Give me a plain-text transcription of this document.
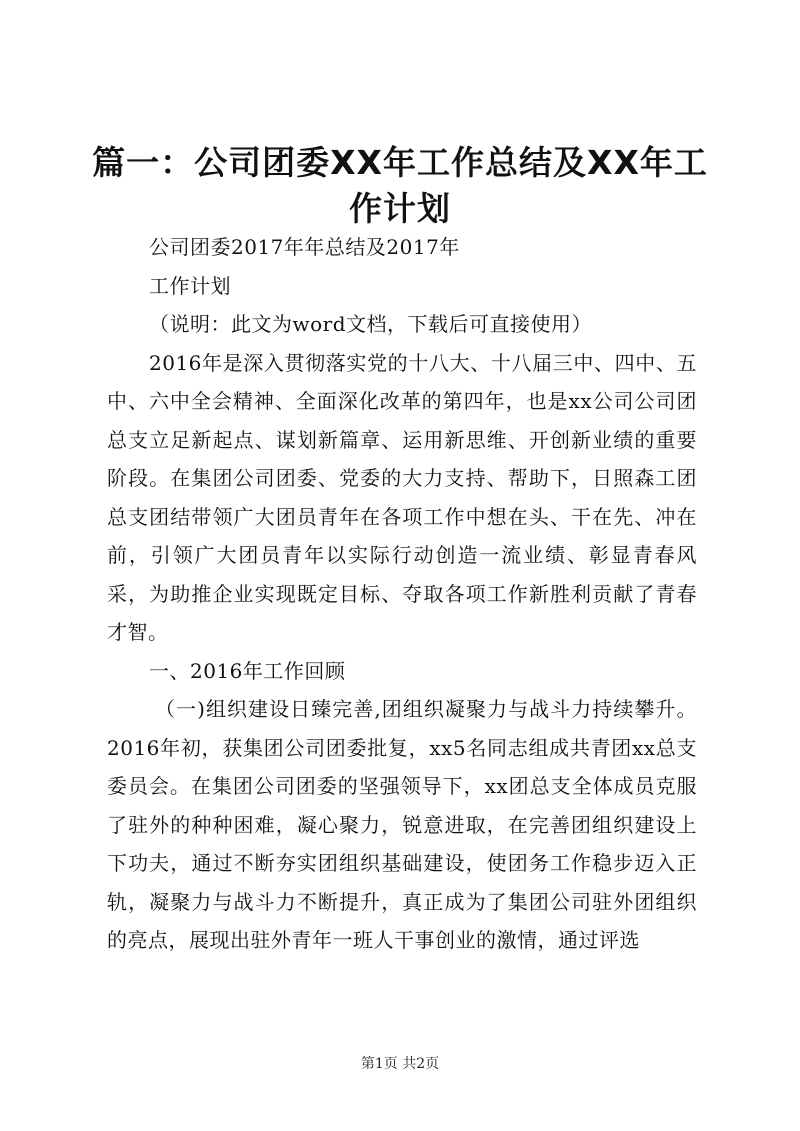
篇一：公司团委XX年工作总结及XX年工作计划

公司团委2017年年总结及2017年

工作计划

（说明：此文为word文档，下载后可直接使用）

2016年是深入贯彻落实党的十八大、十八届三中、四中、五中、六中全会精神、全面深化改革的第四年，也是xx公司公司团总支立足新起点、谋划新篇章、运用新思维、开创新业绩的重要阶段。在集团公司团委、党委的大力支持、帮助下，日照森工团总支团结带领广大团员青年在各项工作中想在头、干在先、冲在前，引领广大团员青年以实际行动创造一流业绩、彰显青春风采，为助推企业实现既定目标、夺取各项工作新胜利贡献了青春才智。

一、2016年工作回顾

（一)组织建设日臻完善,团组织凝聚力与战斗力持续攀升。2016年初，获集团公司团委批复，xx5名同志组成共青团xx总支委员会。在集团公司团委的坚强领导下，xx团总支全体成员克服了驻外的种种困难，凝心聚力，锐意进取，在完善团组织建设上下功夫，通过不断夯实团组织基础建设，使团务工作稳步迈入正轨，凝聚力与战斗力不断提升，真正成为了集团公司驻外团组织的亮点，展现出驻外青年一班人干事创业的激情，通过评选

第1页 共2页
